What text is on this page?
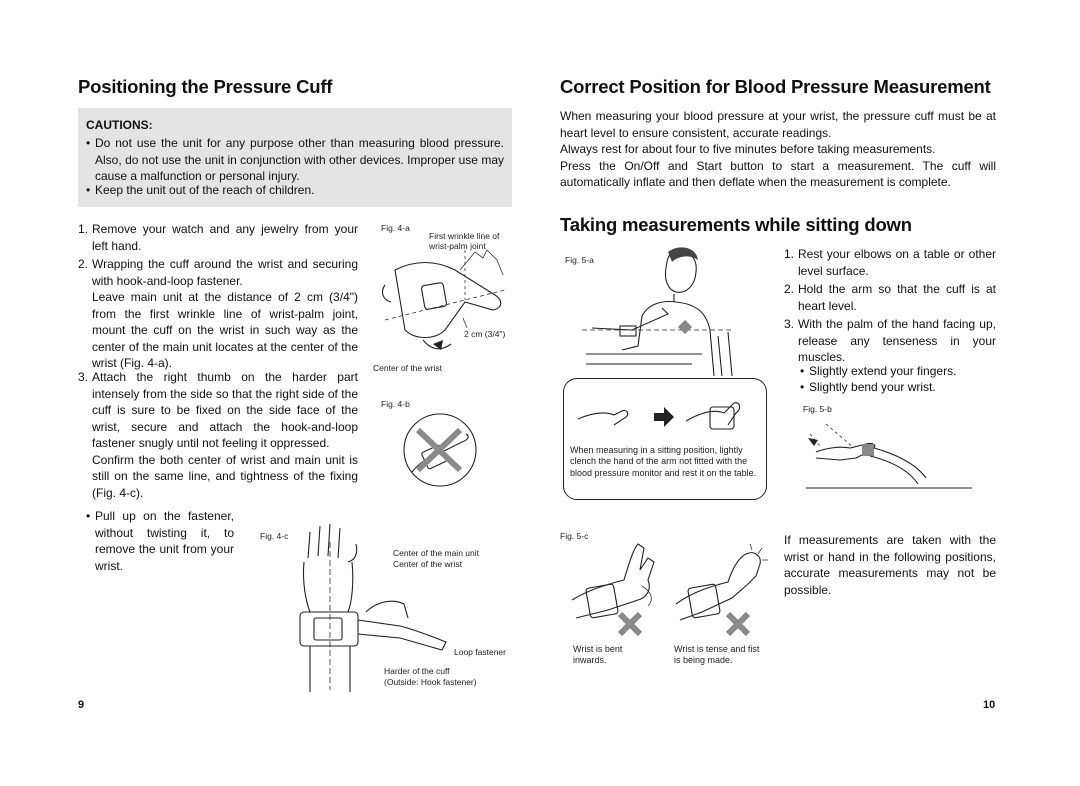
Positioning the Pressure Cuff
CAUTIONS:
• Do not use the unit for any purpose other than measuring blood pressure. Also, do not use the unit in conjunction with other devices. Improper use may cause a malfunction or personal injury.
• Keep the unit out of the reach of children.
1. Remove your watch and any jewelry from your left hand.
2. Wrapping the cuff around the wrist and securing with hook-and-loop fastener.
Leave main unit at the distance of 2 cm (3/4") from the first wrinkle line of wrist-palm joint, mount the cuff on the wrist in such way as the center of the main unit locates at the center of the wrist (Fig. 4-a).
3. Attach the right thumb on the harder part intensely from the side so that the right side of the cuff is sure to be fixed on the side face of the wrist, secure and attach the hook-and-loop fastener snugly until not feeling it oppressed.
Confirm the both center of wrist and main unit is still on the same line, and tightness of the fixing (Fig. 4-c).
• Pull up on the fastener, without twisting it, to remove the unit from your wrist.
Fig. 4-a
First wrinkle line of wrist-palm joint
2 cm (3/4")
Center of the wrist
Fig. 4-b
Fig. 4-c
Center of the main unit
Center of the wrist
Loop fastener
Harder of the cuff
(Outside: Hook fastener)
9
Correct Position for Blood Pressure Measurement
When measuring your blood pressure at your wrist, the pressure cuff must be at heart level to ensure consistent, accurate readings.
Always rest for about four to five minutes before taking measurements.
Press the On/Off and Start button to start a measurement. The cuff will automatically inflate and then deflate when the measurement is complete.
Taking measurements while sitting down
1. Rest your elbows on a table or other level surface.
2. Hold the arm so that the cuff is at heart level.
3. With the palm of the hand facing up, release any tenseness in your muscles.
• Slightly extend your fingers.
• Slightly bend your wrist.
Fig. 5-a
When measuring in a sitting position, lightly clench the hand of the arm not fitted with the blood pressure monitor and rest it on the table.
Fig. 5-b
Fig. 5-c
Wrist is bent inwards.
Wrist is tense and fist is being made.
If measurements are taken with the wrist or hand in the following positions, accurate measurements may not be possible.
10
